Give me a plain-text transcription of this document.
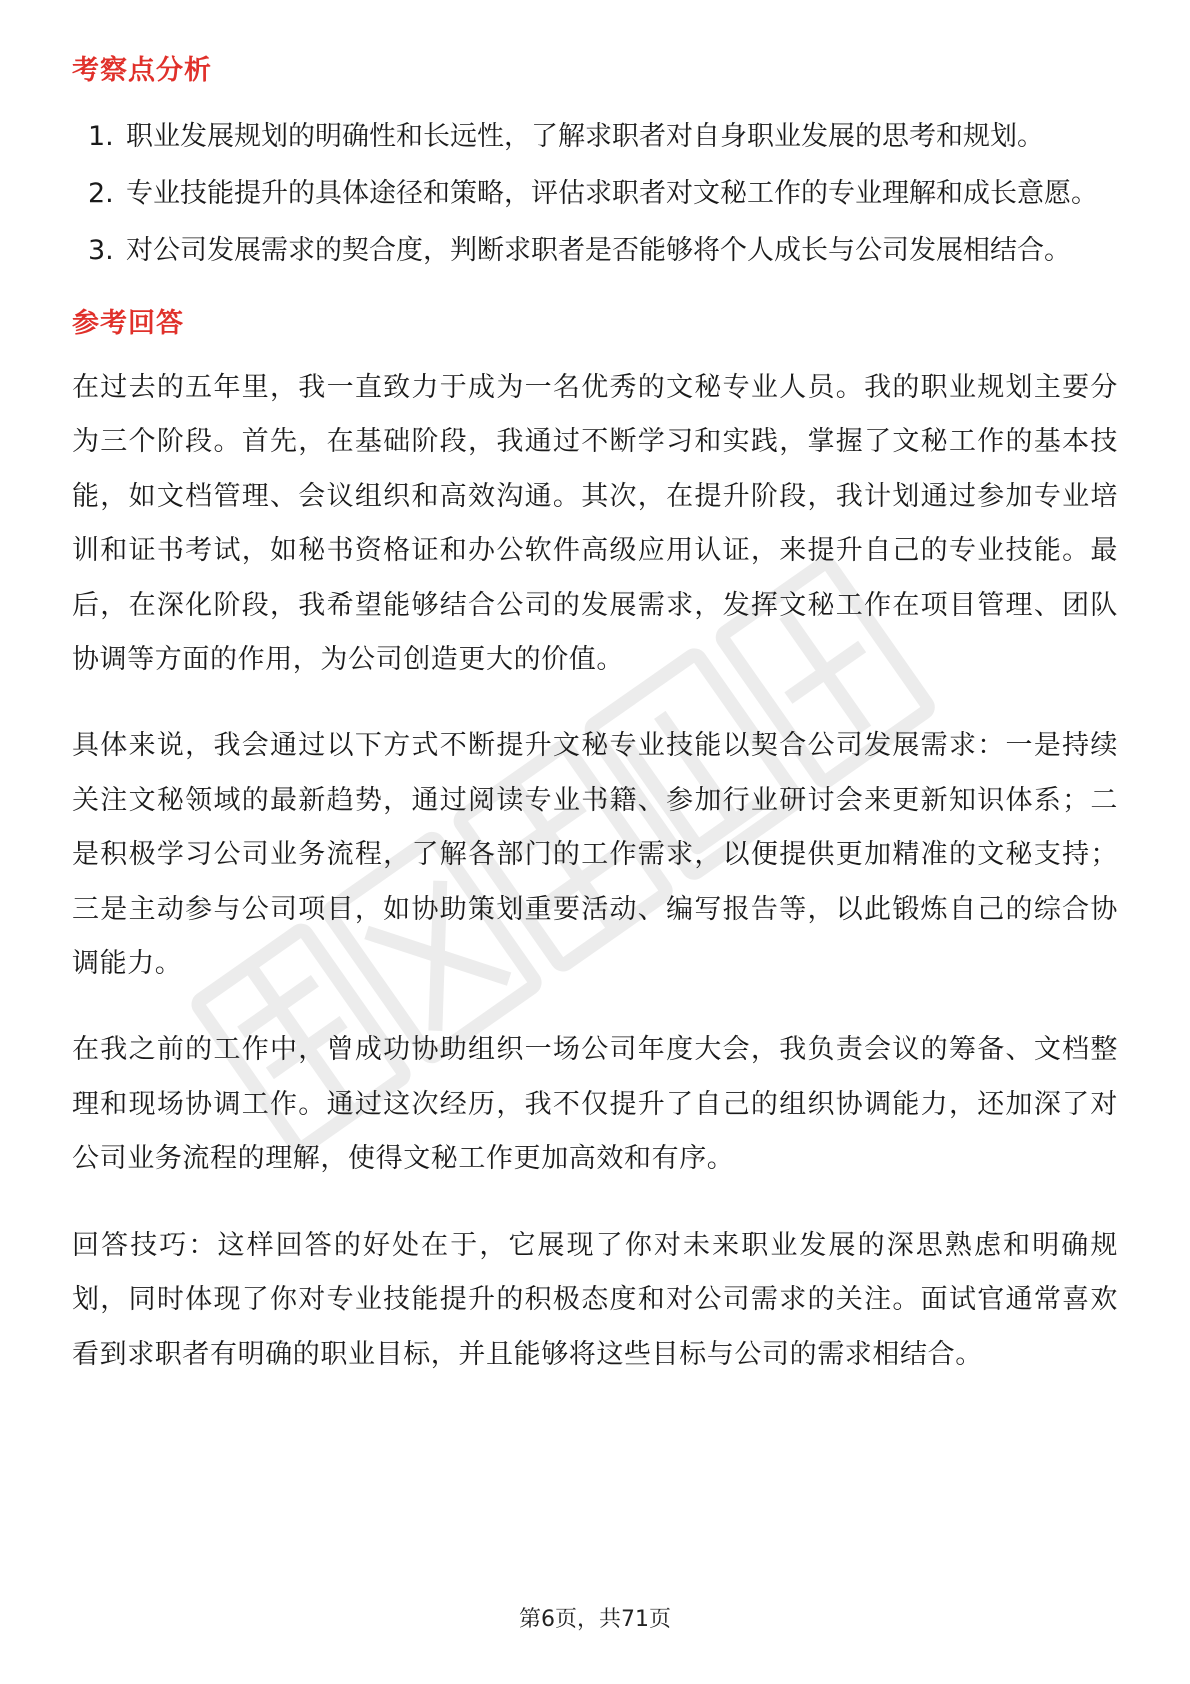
考察点分析
1. 职业发展规划的明确性和长远性，了解求职者对自身职业发展的思考和规划。
2. 专业技能提升的具体途径和策略，评估求职者对文秘工作的专业理解和成长意愿。
3. 对公司发展需求的契合度，判断求职者是否能够将个人成长与公司发展相结合。
参考回答

在过去的五年里，我一直致力于成为一名优秀的文秘专业人员。我的职业规划主要分为三个阶段。首先，在基础阶段，我通过不断学习和实践，掌握了文秘工作的基本技能，如文档管理、会议组织和高效沟通。其次，在提升阶段，我计划通过参加专业培训和证书考试，如秘书资格证和办公软件高级应用认证，来提升自己的专业技能。最后，在深化阶段，我希望能够结合公司的发展需求，发挥文秘工作在项目管理、团队协调等方面的作用，为公司创造更大的价值。

具体来说，我会通过以下方式不断提升文秘专业技能以契合公司发展需求：一是持续关注文秘领域的最新趋势，通过阅读专业书籍、参加行业研讨会来更新知识体系；二是积极学习公司业务流程，了解各部门的工作需求，以便提供更加精准的文秘支持；三是主动参与公司项目，如协助策划重要活动、编写报告等，以此锻炼自己的综合协调能力。

在我之前的工作中，曾成功协助组织一场公司年度大会，我负责会议的筹备、文档整理和现场协调工作。通过这次经历，我不仅提升了自己的组织协调能力，还加深了对公司业务流程的理解，使得文秘工作更加高效和有序。

回答技巧：这样回答的好处在于，它展现了你对未来职业发展的深思熟虑和明确规划，同时体现了你对专业技能提升的积极态度和对公司需求的关注。面试官通常喜欢看到求职者有明确的职业目标，并且能够将这些目标与公司的需求相结合。

第6页，共71页
